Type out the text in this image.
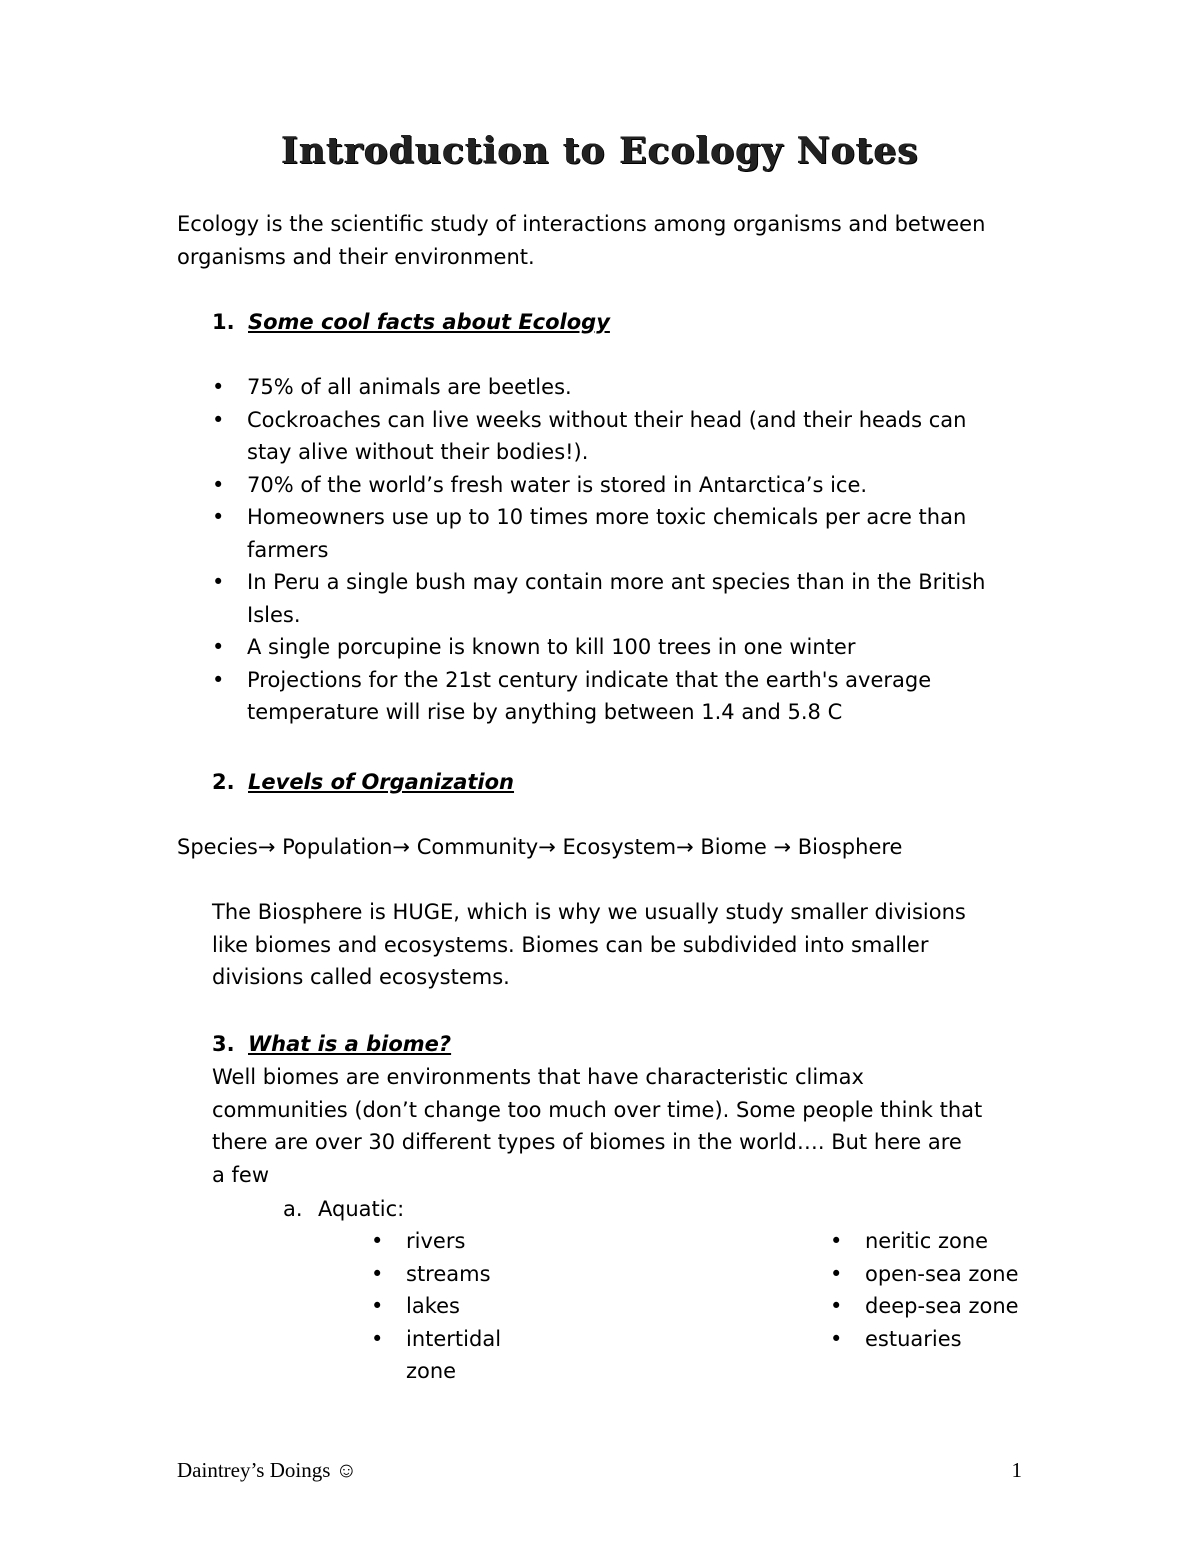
Introduction to Ecology Notes
Ecology is the scientific study of interactions among organisms and between
organisms and their environment.
1. Some cool facts about Ecology
• 75% of all animals are beetles.
• Cockroaches can live weeks without their head (and their heads can
stay alive without their bodies!).
• 70% of the world’s fresh water is stored in Antarctica’s ice.
• Homeowners use up to 10 times more toxic chemicals per acre than
farmers
• In Peru a single bush may contain more ant species than in the British
Isles.
• A single porcupine is known to kill 100 trees in one winter
• Projections for the 21st century indicate that the earth's average
temperature will rise by anything between 1.4 and 5.8 C
2. Levels of Organization
Species→ Population→ Community→ Ecosystem→ Biome → Biosphere
The Biosphere is HUGE, which is why we usually study smaller divisions
like biomes and ecosystems. Biomes can be subdivided into smaller
divisions called ecosystems.
3. What is a biome?
Well biomes are environments that have characteristic climax
communities (don’t change too much over time). Some people think that
there are over 30 different types of biomes in the world…. But here are
a few
a. Aquatic:
• rivers
• streams
• lakes
• intertidal
zone
• neritic zone
• open-sea zone
• deep-sea zone
• estuaries
Daintrey’s Doings ☺	1
